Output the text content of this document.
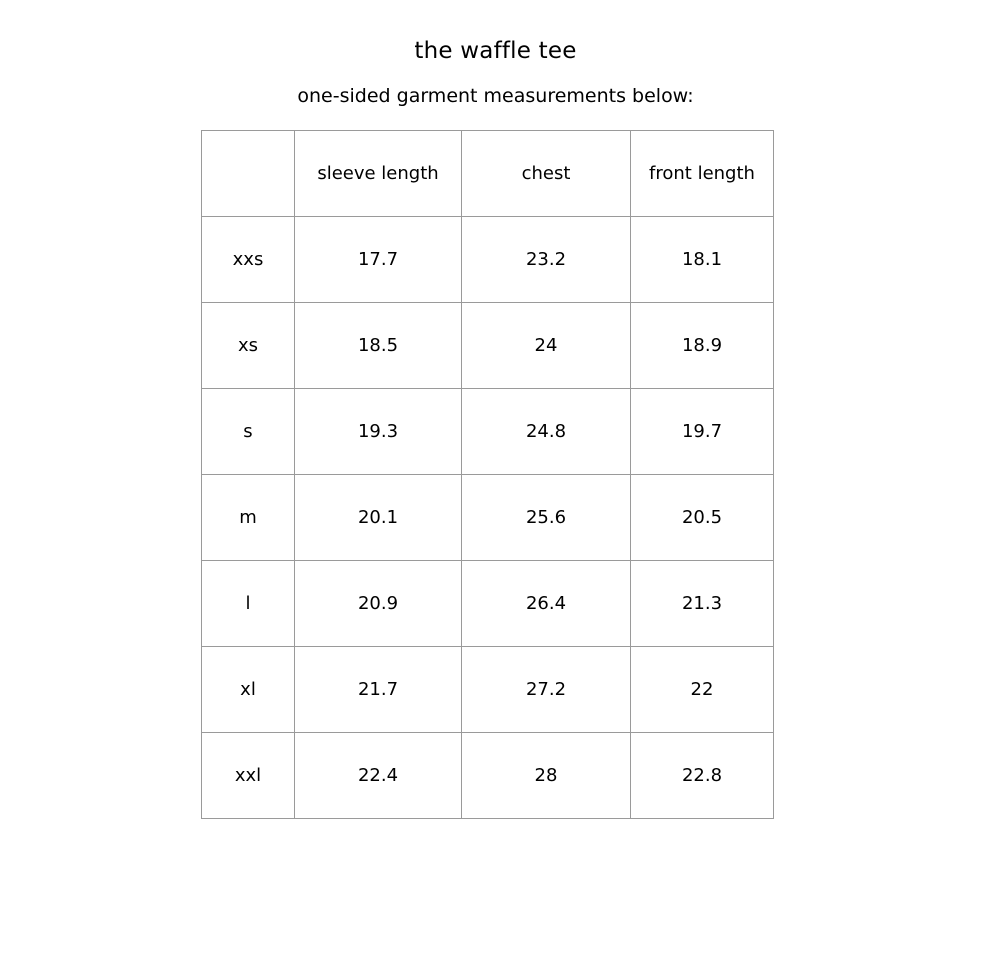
the waffle tee
one-sided garment measurements below:
	sleeve length	chest	front length
xxs	17.7	23.2	18.1
xs	18.5	24	18.9
s	19.3	24.8	19.7
m	20.1	25.6	20.5
l	20.9	26.4	21.3
xl	21.7	27.2	22
xxl	22.4	28	22.8
